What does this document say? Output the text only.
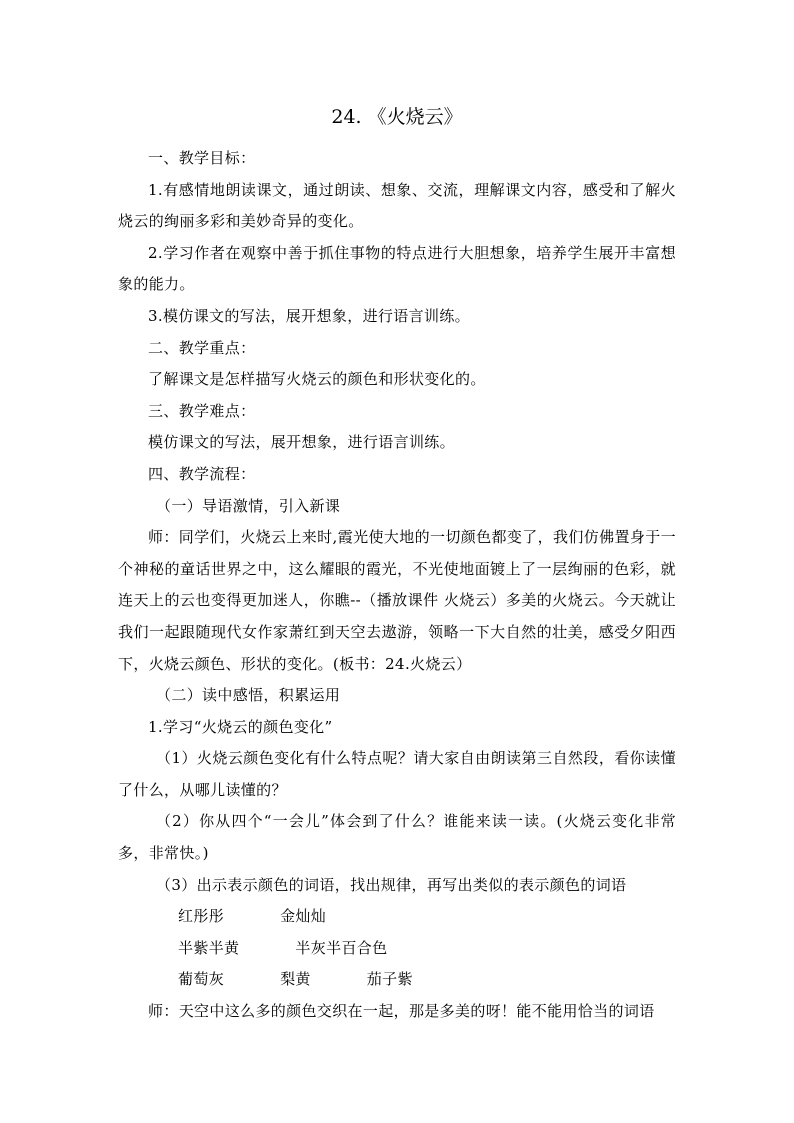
24. 《火烧云》

一、教学目标：

1.有感情地朗读课文，通过朗读、想象、交流，理解课文内容，感受和了解火烧云的绚丽多彩和美妙奇异的变化。

2.学习作者在观察中善于抓住事物的特点进行大胆想象，培养学生展开丰富想象的能力。

3.模仿课文的写法，展开想象，进行语言训练。

二、教学重点：

了解课文是怎样描写火烧云的颜色和形状变化的。

三、教学难点：

模仿课文的写法，展开想象，进行语言训练。

四、教学流程：

（一）导语激情，引入新课

师：同学们，火烧云上来时,霞光使大地的一切颜色都变了，我们仿佛置身于一个神秘的童话世界之中，这么耀眼的霞光，不光使地面镀上了一层绚丽的色彩，就连天上的云也变得更加迷人，你瞧--（播放课件 火烧云）多美的火烧云。今天就让我们一起跟随现代女作家萧红到天空去遨游，领略一下大自然的壮美，感受夕阳西下，火烧云颜色、形状的变化。(板书：24.火烧云）

（二）读中感悟，积累运用

1.学习“火烧云的颜色变化”

（1）火烧云颜色变化有什么特点呢？请大家自由朗读第三自然段，看你读懂了什么，从哪儿读懂的？

（2）你从四个“一会儿”体会到了什么？谁能来读一读。(火烧云变化非常多，非常快。)

（3）出示表示颜色的词语，找出规律，再写出类似的表示颜色的词语

红彤彤	金灿灿

半紫半黄	半灰半百合色

葡萄灰	梨黄	茄子紫

师：天空中这么多的颜色交织在一起，那是多美的呀！能不能用恰当的词语
